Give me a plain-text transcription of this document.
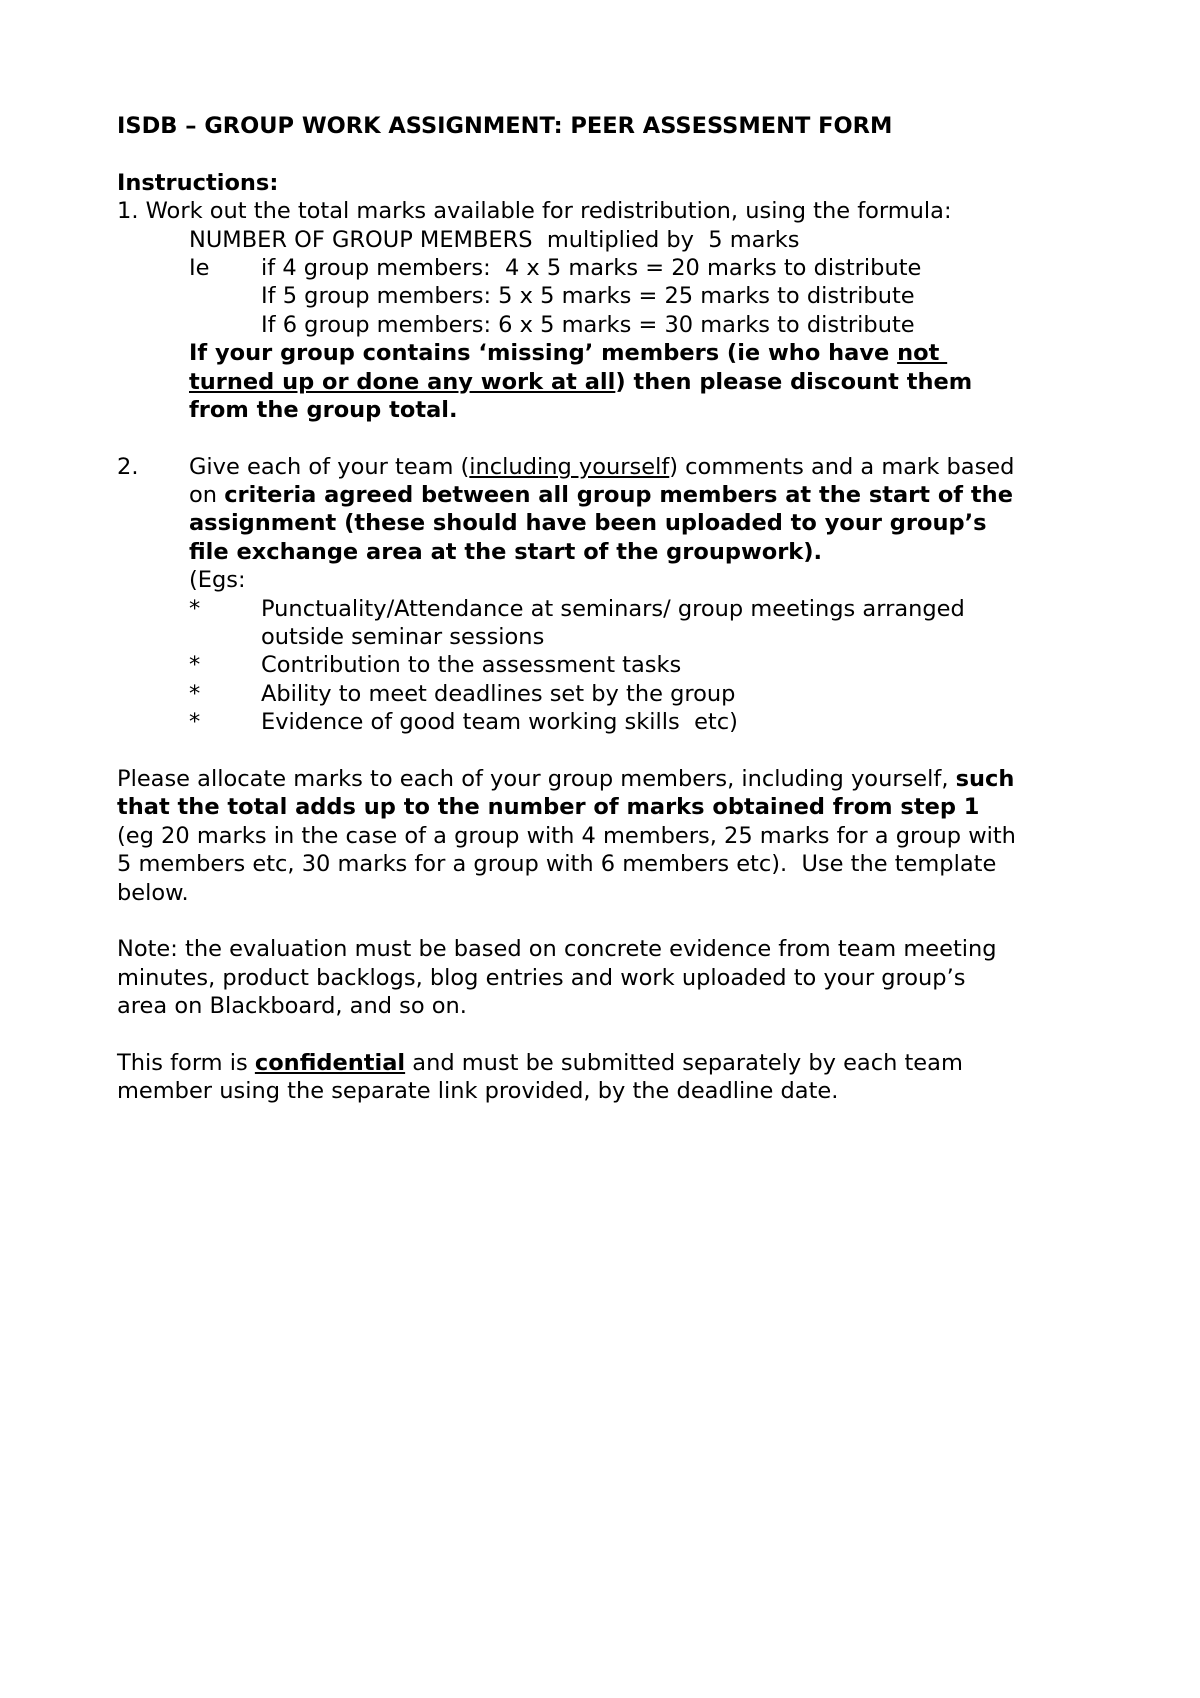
ISDB – GROUP WORK ASSIGNMENT: PEER ASSESSMENT FORM
Instructions:
1. Work out the total marks available for redistribution, using the formula:
NUMBER OF GROUP MEMBERS  multiplied by  5 marks
Ie if 4 group members:  4 x 5 marks = 20 marks to distribute
If 5 group members: 5 x 5 marks = 25 marks to distribute
If 6 group members: 6 x 5 marks = 30 marks to distribute
If your group contains ‘missing’ members (ie who have not
turned up or done any work at all) then please discount them
from the group total.
2. Give each of your team (including yourself) comments and a mark based
on criteria agreed between all group members at the start of the
assignment (these should have been uploaded to your group’s
file exchange area at the start of the groupwork).
(Egs:
*	Punctuality/Attendance at seminars/ group meetings arranged
outside seminar sessions
*	Contribution to the assessment tasks
*	Ability to meet deadlines set by the group
*	Evidence of good team working skills  etc)
Please allocate marks to each of your group members, including yourself, such
that the total adds up to the number of marks obtained from step 1
(eg 20 marks in the case of a group with 4 members, 25 marks for a group with
5 members etc, 30 marks for a group with 6 members etc).  Use the template
below.
Note: the evaluation must be based on concrete evidence from team meeting
minutes, product backlogs, blog entries and work uploaded to your group’s
area on Blackboard, and so on.
This form is confidential and must be submitted separately by each team
member using the separate link provided, by the deadline date.
